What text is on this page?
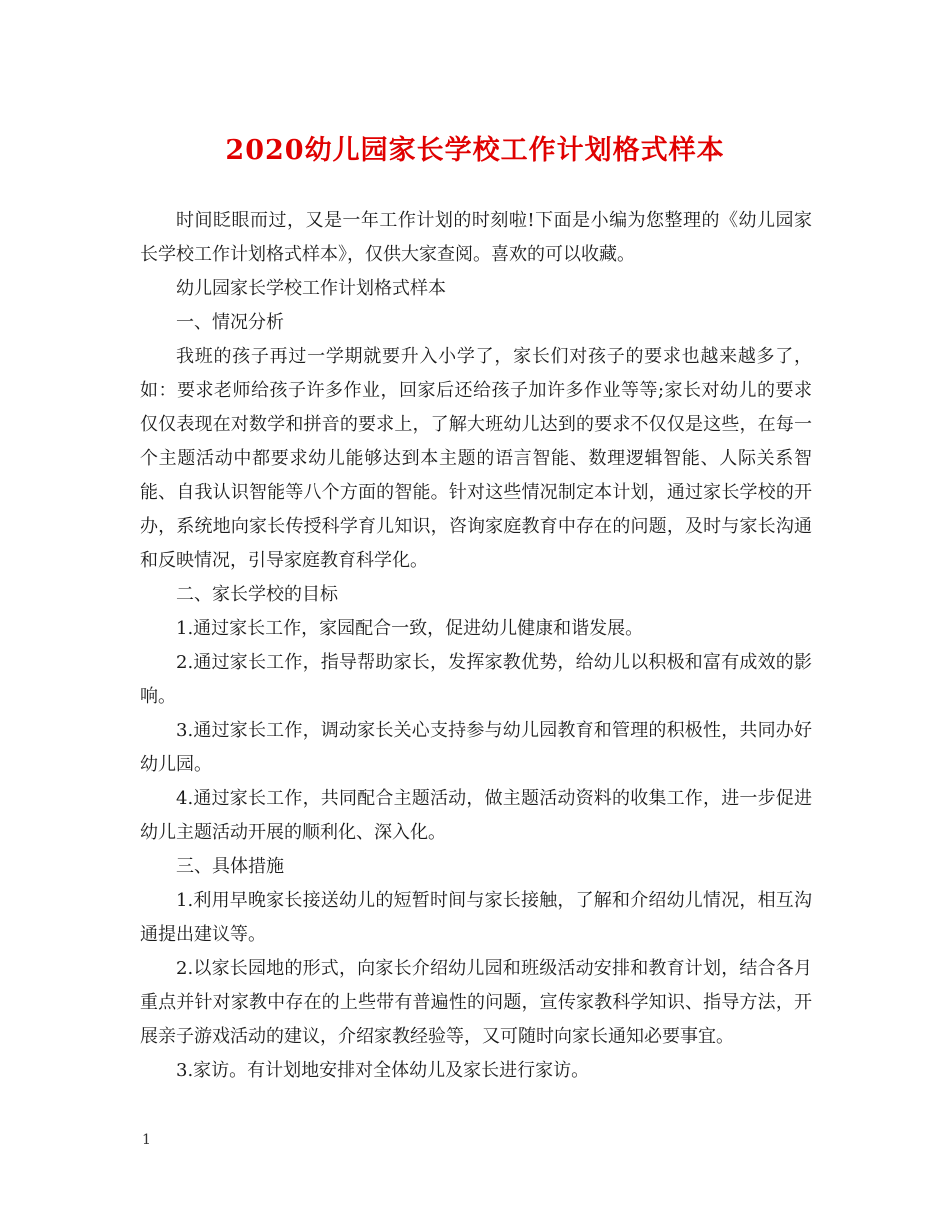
2020幼儿园家长学校工作计划格式样本

时间眨眼而过，又是一年工作计划的时刻啦!下面是小编为您整理的《幼儿园家长学校工作计划格式样本》，仅供大家查阅。喜欢的可以收藏。

幼儿园家长学校工作计划格式样本

一、情况分析

我班的孩子再过一学期就要升入小学了，家长们对孩子的要求也越来越多了，如：要求老师给孩子许多作业，回家后还给孩子加许多作业等等;家长对幼儿的要求仅仅表现在对数学和拼音的要求上，了解大班幼儿达到的要求不仅仅是这些，在每一个主题活动中都要求幼儿能够达到本主题的语言智能、数理逻辑智能、人际关系智能、自我认识智能等八个方面的智能。针对这些情况制定本计划，通过家长学校的开办，系统地向家长传授科学育儿知识，咨询家庭教育中存在的问题，及时与家长沟通和反映情况，引导家庭教育科学化。

二、家长学校的目标

1.通过家长工作，家园配合一致，促进幼儿健康和谐发展。

2.通过家长工作，指导帮助家长，发挥家教优势，给幼儿以积极和富有成效的影响。

3.通过家长工作，调动家长关心支持参与幼儿园教育和管理的积极性，共同办好幼儿园。

4.通过家长工作，共同配合主题活动，做主题活动资料的收集工作，进一步促进幼儿主题活动开展的顺利化、深入化。

三、具体措施

1.利用早晚家长接送幼儿的短暂时间与家长接触，了解和介绍幼儿情况，相互沟通提出建议等。

2.以家长园地的形式，向家长介绍幼儿园和班级活动安排和教育计划，结合各月重点并针对家教中存在的上些带有普遍性的问题，宣传家教科学知识、指导方法，开展亲子游戏活动的建议，介绍家教经验等，又可随时向家长通知必要事宜。

3.家访。有计划地安排对全体幼儿及家长进行家访。

1
